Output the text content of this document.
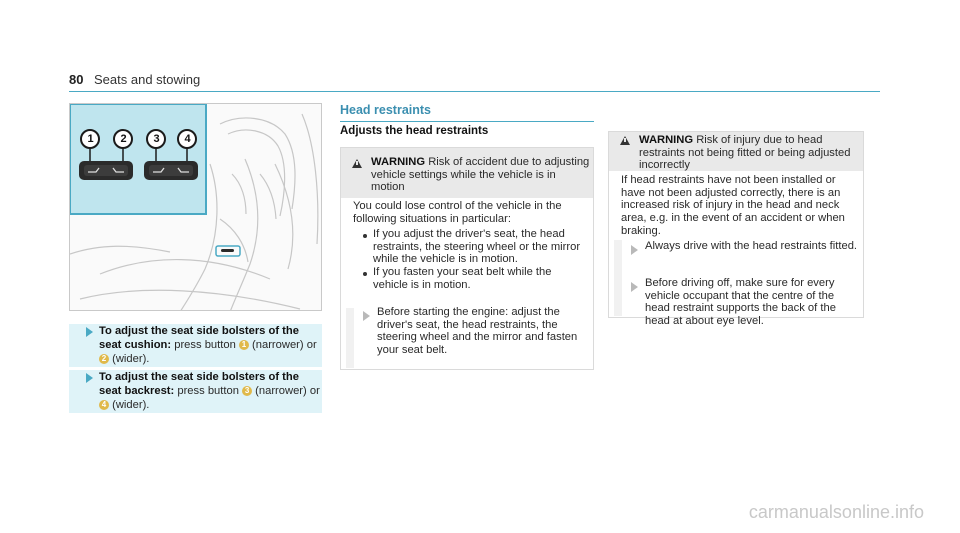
80 Seats and stowing
1 2 3 4
To adjust the seat side bolsters of the seat cushion: press button 1 (narrower) or 2 (wider).
To adjust the seat side bolsters of the seat backrest: press button 3 (narrower) or 4 (wider).
Head restraints
Adjusts the head restraints
WARNING Risk of accident due to adjusting vehicle settings while the vehicle is in motion
You could lose control of the vehicle in the following situations in particular:
If you adjust the driver's seat, the head restraints, the steering wheel or the mirror while the vehicle is in motion.
If you fasten your seat belt while the vehicle is in motion.
Before starting the engine: adjust the driver's seat, the head restraints, the steering wheel and the mirror and fasten your seat belt.
WARNING Risk of injury due to head restraints not being fitted or being adjusted incorrectly
If head restraints have not been installed or have not been adjusted correctly, there is an increased risk of injury in the head and neck area, e.g. in the event of an accident or when braking.
Always drive with the head restraints fitted.
Before driving off, make sure for every vehicle occupant that the centre of the head restraint supports the back of the head at about eye level.
carmanualsonline.info
